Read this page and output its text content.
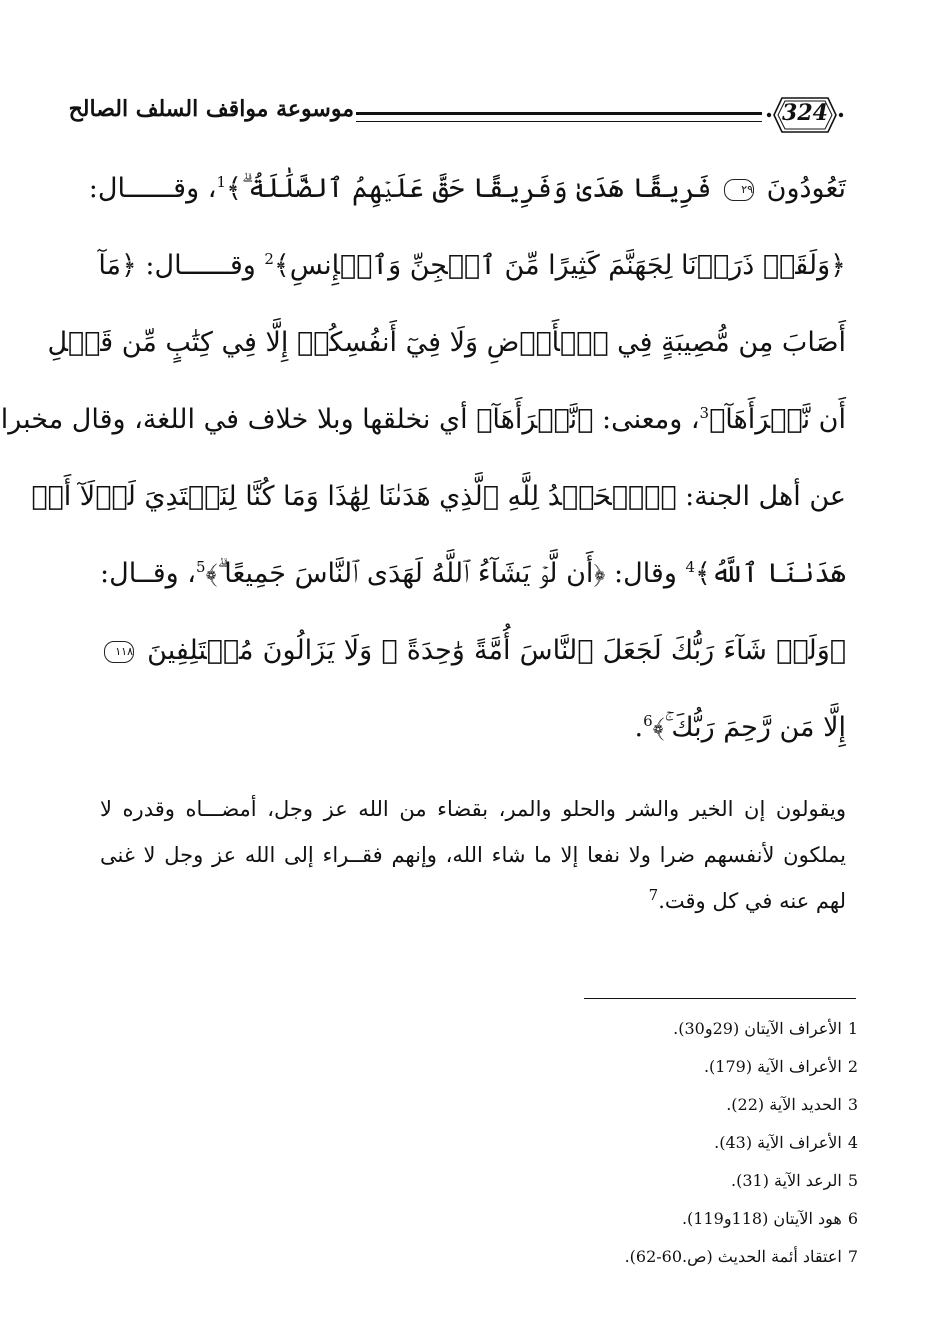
324
موسوعة مواقف السلف الصالح
تَعُودُونَ ٢٩ فَرِيقًا هَدَىٰ وَفَرِيقًا حَقَّ عَلَيۡهِمُ ٱلضَّلَٰلَةُ ۗ﴾$^1$، وقــــــال:
﴿وَلَقَدۡ ذَرَأۡنَا لِجَهَنَّمَ كَثِيرًا مِّنَ ٱلۡجِنِّ وَٱلۡإِنسِ﴾$^2$ وقــــــال: ﴿مَآ
أَصَابَ مِن مُّصِيبَةٍ فِي ٱلۡأَرۡضِ وَلَا فِيٓ أَنفُسِكُمۡ إِلَّا فِي كِتَٰبٍ مِّن قَبۡلِ
أَن نَّبۡرَأَهَآ﴾$^3$، ومعنى: ﴿نَّبۡرَأَهَآ﴾ أي نخلقها وبلا خلاف في اللغة، وقال مخبرا
عن أهل الجنة: ﴿ٱلۡحَمۡدُ لِلَّهِ ٱلَّذِي هَدَىٰنَا لِهَٰذَا وَمَا كُنَّا لِنَهۡتَدِيَ لَوۡلَآ أَنۡ
هَدَىٰنَا ٱللَّهُ﴾$^4$ وقال: ﴿أَن لَّوۡ يَشَآءُ ٱللَّهُ لَهَدَى ٱلنَّاسَ جَمِيعًا ۗ﴾$^5$، وقــال:
﴿وَلَوۡ شَآءَ رَبُّكَ لَجَعَلَ ٱلنَّاسَ أُمَّةً وَٰحِدَةً ۖ وَلَا يَزَالُونَ مُخۡتَلِفِينَ ١١٨
إِلَّا مَن رَّحِمَ رَبُّكَ ۚ﴾$^6$.

ويقولون إن الخير والشر والحلو والمر، بقضاء من الله عز وجل، أمضـــاه وقدره لا يملكون لأنفسهم ضرا ولا نفعا إلا ما شاء الله، وإنهم فقــراء إلى الله عز وجل لا غنى لهم عنه في كل وقت.$^7$

1الأعراف الآيتان (29و30).
2الأعراف الآية (179).
3الحديد الآية (22).
4الأعراف الآية (43).
5الرعد الآية (31).
6هود الآيتان (118و119).
7اعتقاد أئمة الحديث (ص.60-62).
